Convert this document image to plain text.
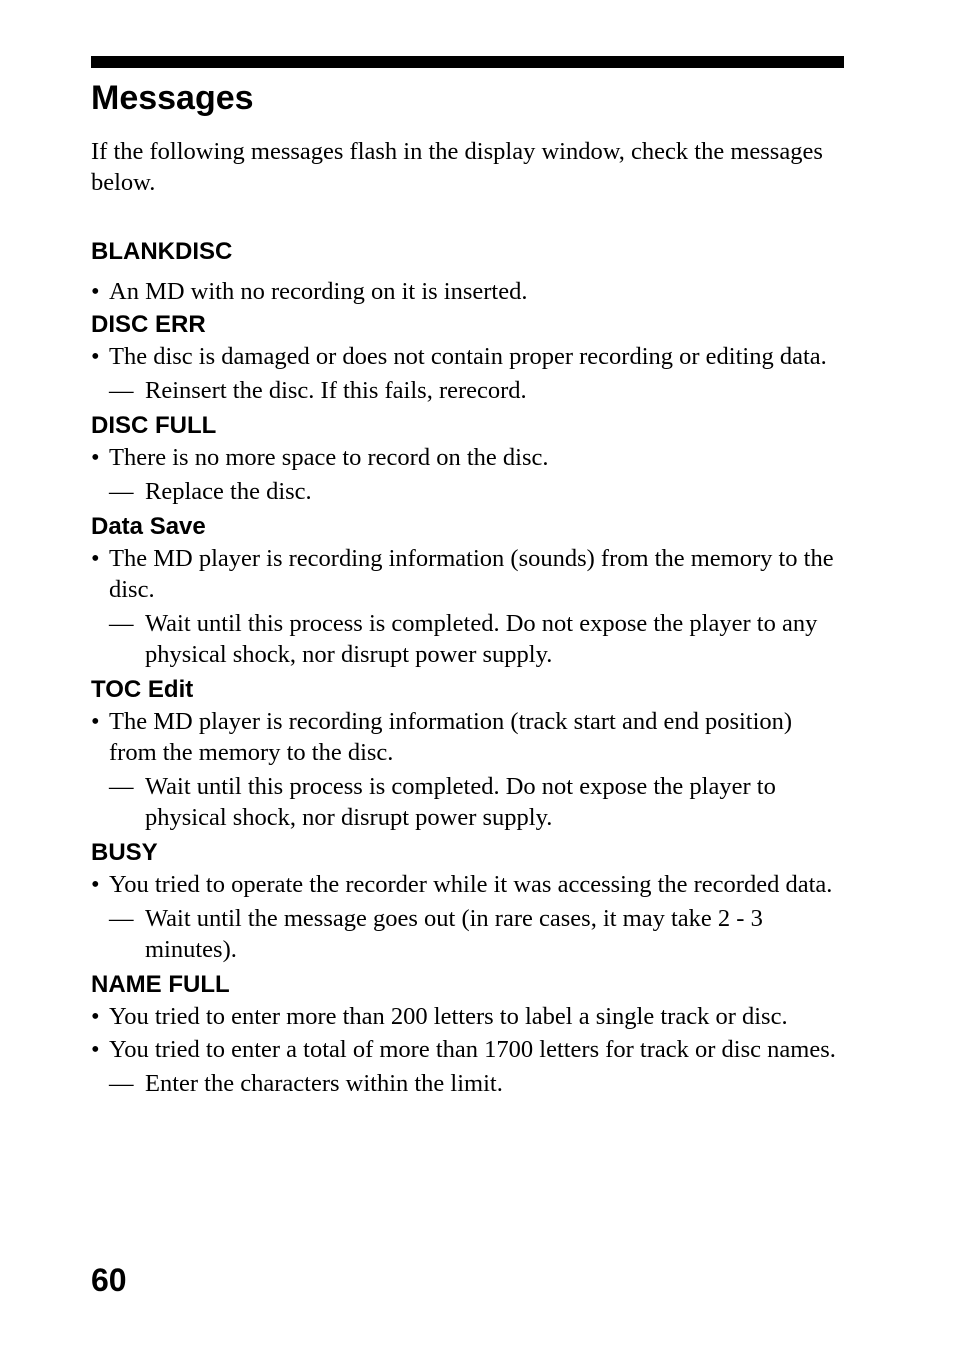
Messages

If the following messages flash in the display window, check the messages below.

BLANKDISC
• An MD with no recording on it is inserted.
DISC ERR
• The disc is damaged or does not contain proper recording or editing data.
— Reinsert the disc. If this fails, rerecord.
DISC FULL
• There is no more space to record on the disc.
— Replace the disc.
Data Save
• The MD player is recording information (sounds) from the memory to the disc.
— Wait until this process is completed. Do not expose the player to any physical shock, nor disrupt power supply.
TOC Edit
• The MD player is recording information (track start and end position) from the memory to the disc.
— Wait until this process is completed. Do not expose the player to physical shock, nor disrupt power supply.
BUSY
• You tried to operate the recorder while it was accessing the recorded data.
— Wait until the message goes out (in rare cases, it may take 2 - 3 minutes).
NAME FULL
• You tried to enter more than 200 letters to label a single track or disc.
• You tried to enter a total of more than 1700 letters for track or disc names.
— Enter the characters within the limit.
60
